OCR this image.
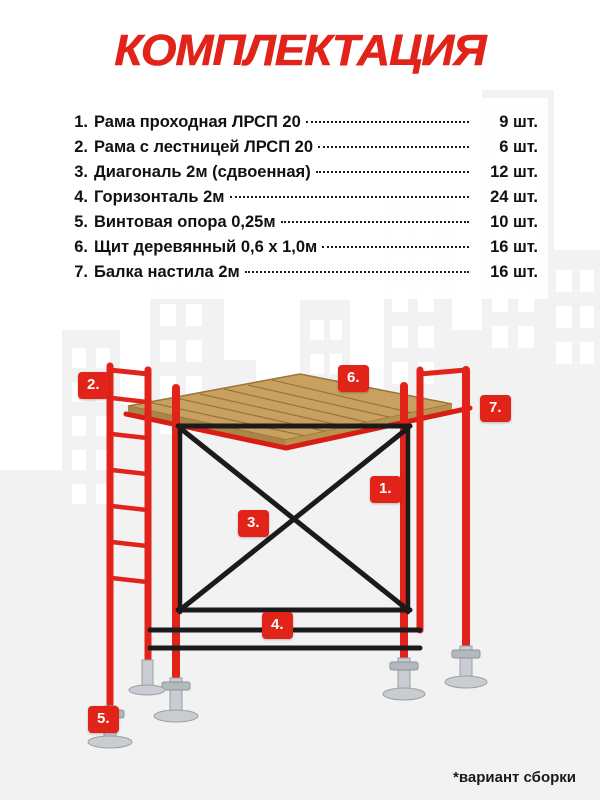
КОМПЛЕКТАЦИЯ
1. Рама проходная ЛРСП 20	9 шт.
2. Рама с лестницей ЛРСП 20	6 шт.
3. Диагональ 2м (сдвоенная)	12 шт.
4. Горизонталь 2м	24 шт.
5. Винтовая опора 0,25м	10 шт.
6. Щит деревянный 0,6 х 1,0м	16 шт.
7. Балка настила 2м	16 шт.
2.	6.
7.
1.
3.
4.
5.
*вариант сборки
